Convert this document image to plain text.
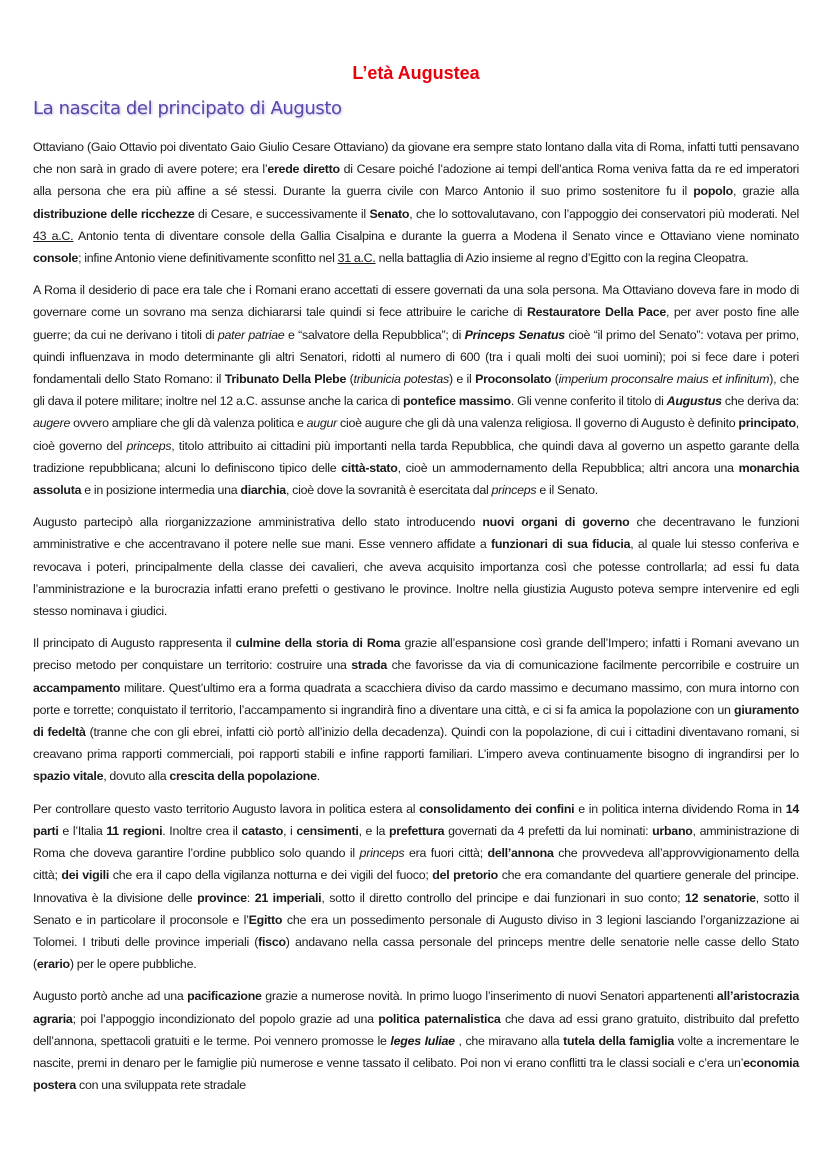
L’età Augustea
La nascita del principato di Augusto

Ottaviano (Gaio Ottavio poi diventato Gaio Giulio Cesare Ottaviano) da giovane era sempre stato lontano dalla vita di Roma, infatti tutti pensavano che non sarà in grado di avere potere; era l’erede diretto di Cesare poiché l’adozione ai tempi dell’antica Roma veniva fatta da re ed imperatori alla persona che era più affine a sé stessi. Durante la guerra civile con Marco Antonio il suo primo sostenitore fu il popolo, grazie alla distribuzione delle ricchezze di Cesare, e successivamente il Senato, che lo sottovalutavano, con l’appoggio dei conservatori più moderati. Nel 43 a.C. Antonio tenta di diventare console della Gallia Cisalpina e durante la guerra a Modena il Senato vince e Ottaviano viene nominato console; infine Antonio viene definitivamente sconfitto nel 31 a.C. nella battaglia di Azio insieme al regno d’Egitto con la regina Cleopatra.

A Roma il desiderio di pace era tale che i Romani erano accettati di essere governati da una sola persona. Ma Ottaviano doveva fare in modo di governare come un sovrano ma senza dichiararsi tale quindi si fece attribuire le cariche di Restauratore Della Pace, per aver posto fine alle guerre; da cui ne derivano i titoli di pater patriae e “salvatore della Repubblica”; di Princeps Senatus cioè “il primo del Senato”: votava per primo, quindi influenzava in modo determinante gli altri Senatori, ridotti al numero di 600 (tra i quali molti dei suoi uomini); poi si fece dare i poteri fondamentali dello Stato Romano: il Tribunato Della Plebe (tribunicia potestas) e il Proconsolato (imperium proconsalre maius et infinitum), che gli dava il potere militare; inoltre nel 12 a.C. assunse anche la carica di pontefice massimo. Gli venne conferito il titolo di Augustus che deriva da: augere ovvero ampliare che gli dà valenza politica e augur cioè augure che gli dà una valenza religiosa. Il governo di Augusto è definito principato, cioè governo del princeps, titolo attribuito ai cittadini più importanti nella tarda Repubblica, che quindi dava al governo un aspetto garante della tradizione repubblicana; alcuni lo definiscono tipico delle città-stato, cioè un ammodernamento della Repubblica; altri ancora una monarchia assoluta e in posizione intermedia una diarchia, cioè dove la sovranità è esercitata dal princeps e il Senato.

Augusto partecipò alla riorganizzazione amministrativa dello stato introducendo nuovi organi di governo che decentravano le funzioni amministrative e che accentravano il potere nelle sue mani. Esse vennero affidate a funzionari di sua fiducia, al quale lui stesso conferiva e revocava i poteri, principalmente della classe dei cavalieri, che aveva acquisito importanza così che potesse controllarla; ad essi fu data l’amministrazione e la burocrazia infatti erano prefetti o gestivano le province. Inoltre nella giustizia Augusto poteva sempre intervenire ed egli stesso nominava i giudici.

Il principato di Augusto rappresenta il culmine della storia di Roma grazie all’espansione così grande dell’Impero; infatti i Romani avevano un preciso metodo per conquistare un territorio: costruire una strada che favorisse da via di comunicazione facilmente percorribile e costruire un accampamento militare. Quest’ultimo era a forma quadrata a scacchiera diviso da cardo massimo e decumano massimo, con mura intorno con porte e torrette; conquistato il territorio, l’accampamento si ingrandirà fino a diventare una città, e ci si fa amica la popolazione con un giuramento di fedeltà (tranne che con gli ebrei, infatti ciò portò all’inizio della decadenza). Quindi con la popolazione, di cui i cittadini diventavano romani, si creavano prima rapporti commerciali, poi rapporti stabili e infine rapporti familiari. L’impero aveva continuamente bisogno di ingrandirsi per lo spazio vitale, dovuto alla crescita della popolazione.

Per controllare questo vasto territorio Augusto lavora in politica estera al consolidamento dei confini e in politica interna dividendo Roma in 14 parti e l’Italia 11 regioni. Inoltre crea il catasto, i censimenti, e la prefettura governati da 4 prefetti da lui nominati: urbano, amministrazione di Roma che doveva garantire l’ordine pubblico solo quando il princeps era fuori città; dell’annona che provvedeva all’approvvigionamento della città; dei vigili che era il capo della vigilanza notturna e dei vigili del fuoco; del pretorio che era comandante del quartiere generale del principe. Innovativa è la divisione delle province: 21 imperiali, sotto il diretto controllo del principe e dai funzionari in suo conto; 12 senatorie, sotto il Senato e in particolare il proconsole e l’Egitto che era un possedimento personale di Augusto diviso in 3 legioni lasciando l’organizzazione ai Tolomei. I tributi delle province imperiali (fisco) andavano nella cassa personale del princeps mentre delle senatorie nelle casse dello Stato (erario) per le opere pubbliche.

Augusto portò anche ad una pacificazione grazie a numerose novità. In primo luogo l’inserimento di nuovi Senatori appartenenti all’aristocrazia agraria; poi l’appoggio incondizionato del popolo grazie ad una politica paternalistica che dava ad essi grano gratuito, distribuito dal prefetto dell’annona, spettacoli gratuiti e le terme. Poi vennero promosse le leges Iuliae , che miravano alla tutela della famiglia volte a incrementare le nascite, premi in denaro per le famiglie più numerose e venne tassato il celibato. Poi non vi erano conflitti tra le classi sociali e c’era un’economia postera con una sviluppata rete stradale
